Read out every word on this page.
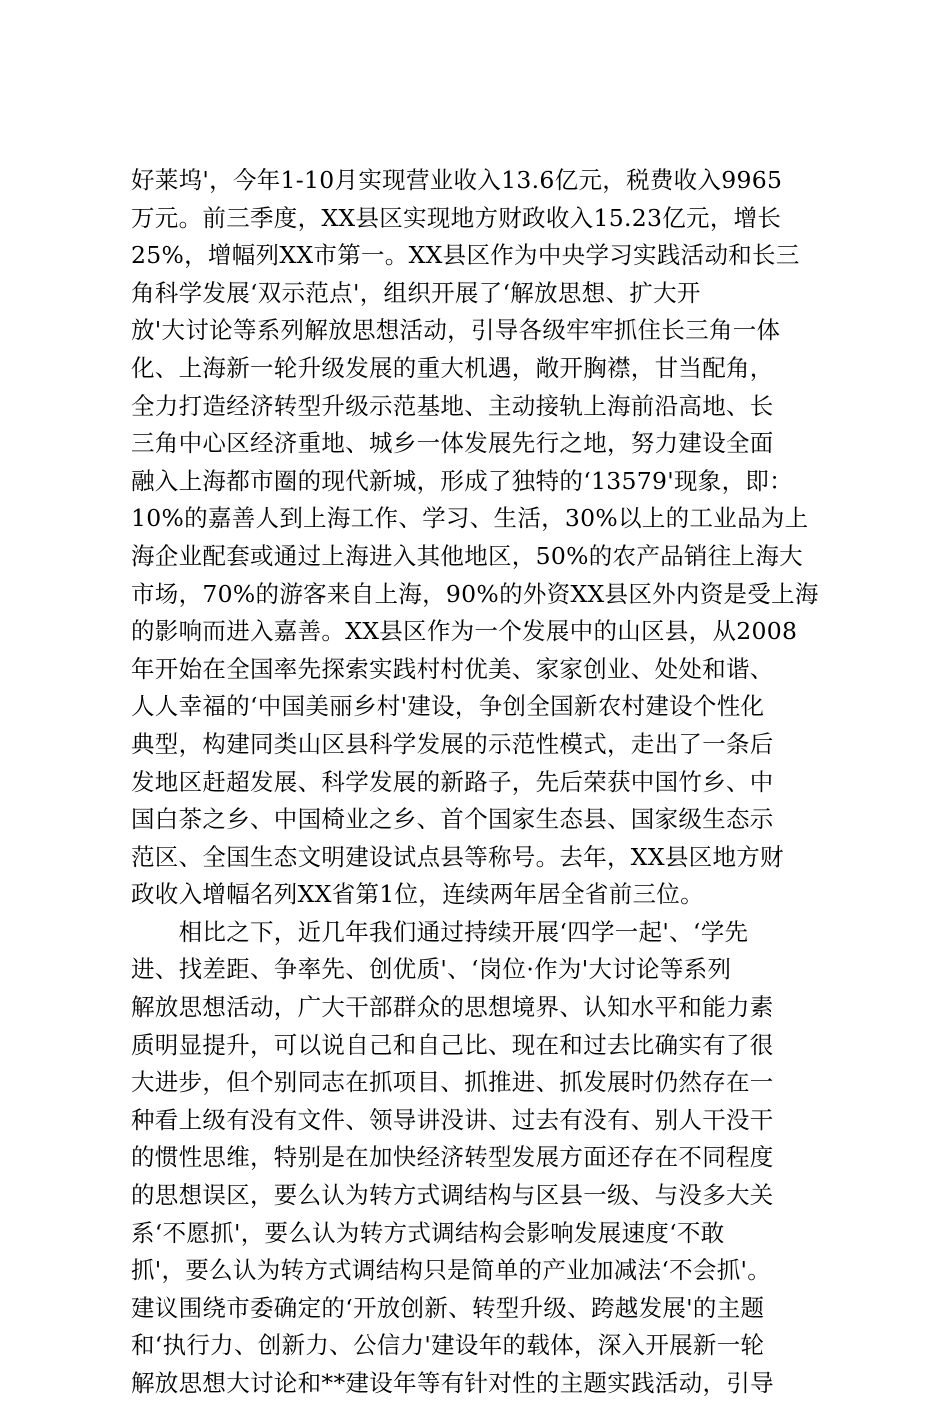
好莱坞'，今年1-10月实现营业收入13.6亿元，税费收入9965
万元。前三季度，XX县区实现地方财政收入15.23亿元，增长
25%，增幅列XX市第一。XX县区作为中央学习实践活动和长三
角科学发展‘双示范点'，组织开展了‘解放思想、扩大开
放'大讨论等系列解放思想活动，引导各级牢牢抓住长三角一体
化、上海新一轮升级发展的重大机遇，敞开胸襟，甘当配角，
全力打造经济转型升级示范基地、主动接轨上海前沿高地、长
三角中心区经济重地、城乡一体发展先行之地，努力建设全面
融入上海都市圈的现代新城，形成了独特的‘13579'现象，即：
10%的嘉善人到上海工作、学习、生活，30%以上的工业品为上
海企业配套或通过上海进入其他地区，50%的农产品销往上海大
市场，70%的游客来自上海，90%的外资XX县区外内资是受上海
的影响而进入嘉善。XX县区作为一个发展中的山区县，从2008
年开始在全国率先探索实践村村优美、家家创业、处处和谐、
人人幸福的‘中国美丽乡村'建设，争创全国新农村建设个性化
典型，构建同类山区县科学发展的示范性模式，走出了一条后
发地区赶超发展、科学发展的新路子，先后荣获中国竹乡、中
国白茶之乡、中国椅业之乡、首个国家生态县、国家级生态示
范区、全国生态文明建设试点县等称号。去年，XX县区地方财
政收入增幅名列XX省第1位，连续两年居全省前三位。
　　相比之下，近几年我们通过持续开展‘四学一起'、‘学先
进、找差距、争率先、创优质'、‘岗位·作为'大讨论等系列
解放思想活动，广大干部群众的思想境界、认知水平和能力素
质明显提升，可以说自己和自己比、现在和过去比确实有了很
大进步，但个别同志在抓项目、抓推进、抓发展时仍然存在一
种看上级有没有文件、领导讲没讲、过去有没有、别人干没干
的惯性思维，特别是在加快经济转型发展方面还存在不同程度
的思想误区，要么认为转方式调结构与区县一级、与没多大关
系‘不愿抓'，要么认为转方式调结构会影响发展速度‘不敢
抓'，要么认为转方式调结构只是简单的产业加减法‘不会抓'。
建议围绕市委确定的‘开放创新、转型升级、跨越发展'的主题
和‘执行力、创新力、公信力'建设年的载体，深入开展新一轮
解放思想大讨论和**建设年等有针对性的主题实践活动，引导
